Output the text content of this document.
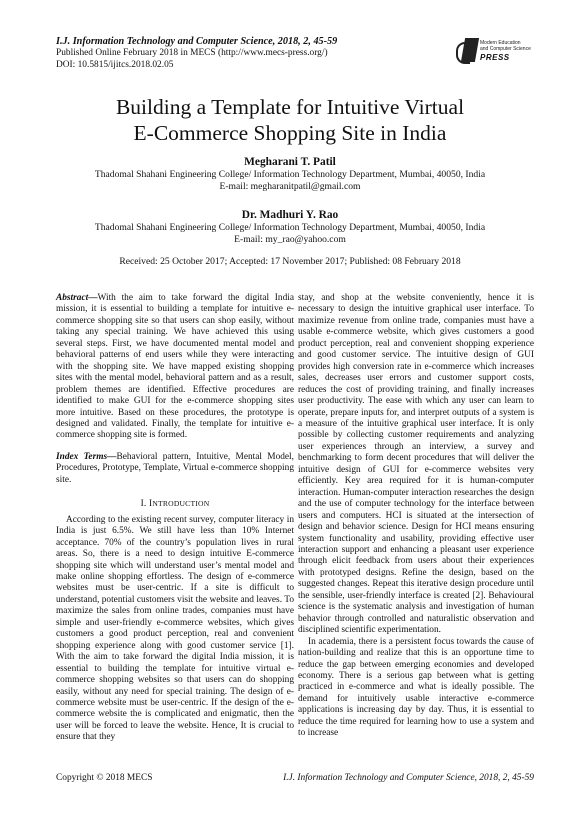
I.J. Information Technology and Computer Science, 2018, 2, 45-59
Published Online February 2018 in MECS (http://www.mecs-press.org/)
DOI: 10.5815/ijitcs.2018.02.05
Modern Education
and Computer Science
PRESS
Building a Template for Intuitive Virtual
E-Commerce Shopping Site in India
Megharani T. Patil
Thadomal Shahani Engineering College/ Information Technology Department, Mumbai, 40050, India
E-mail: megharanitpatil@gmail.com
Dr. Madhuri Y. Rao
Thadomal Shahani Engineering College/ Information Technology Department, Mumbai, 40050, India
E-mail: my_rao@yahoo.com
Received: 25 October 2017; Accepted: 17 November 2017; Published: 08 February 2018

Abstract—With the aim to take forward the digital India mission, it is essential to building a template for intuitive e-commerce shopping site so that users can shop easily, without taking any special training. We have achieved this using several steps. First, we have documented mental model and behavioral patterns of end users while they were interacting with the shopping site. We have mapped existing shopping sites with the mental model, behavioral pattern and as a result, problem themes are identified. Effective procedures are identified to make GUI for the e-commerce shopping sites more intuitive. Based on these procedures, the prototype is designed and validated. Finally, the template for intuitive e-commerce shopping site is formed.

Index Terms—Behavioral pattern, Intuitive, Mental Model, Procedures, Prototype, Template, Virtual e-commerce shopping site.

I. INTRODUCTION

According to the existing recent survey, computer literacy in India is just 6.5%. We still have less than 10% Internet acceptance. 70% of the country’s population lives in rural areas. So, there is a need to design intuitive E-commerce shopping site which will understand user’s mental model and make online shopping effortless. The design of e-commerce websites must be user-centric. If a site is difficult to understand, potential customers visit the website and leaves. To maximize the sales from online trades, companies must have simple and user-friendly e-commerce websites, which gives customers a good product perception, real and convenient shopping experience along with good customer service [1]. With the aim to take forward the digital India mission, it is essential to building the template for intuitive virtual e-commerce shopping websites so that users can do shopping easily, without any need for special training. The design of e-commerce website must be user-centric. If the design of the e-commerce website the is complicated and enigmatic, then the user will be forced to leave the website. Hence, It is crucial to ensure that they

stay, and shop at the website conveniently, hence it is necessary to design the intuitive graphical user interface. To maximize revenue from online trade, companies must have a usable e-commerce website, which gives customers a good product perception, real and convenient shopping experience and good customer service. The intuitive design of GUI provides high conversion rate in e-commerce which increases sales, decreases user errors and customer support costs, reduces the cost of providing training, and finally increases user productivity. The ease with which any user can learn to operate, prepare inputs for, and interpret outputs of a system is a measure of the intuitive graphical user interface. It is only possible by collecting customer requirements and analyzing user experiences through an interview, a survey and benchmarking to form decent procedures that will deliver the intuitive design of GUI for e-commerce websites very efficiently. Key area required for it is human-computer interaction. Human-computer interaction researches the design and the use of computer technology for the interface between users and computers. HCI is situated at the intersection of design and behavior science. Design for HCI means ensuring system functionality and usability, providing effective user interaction support and enhancing a pleasant user experience through elicit feedback from users about their experiences with prototyped designs. Refine the design, based on the suggested changes. Repeat this iterative design procedure until the sensible, user-friendly interface is created [2]. Behavioural science is the systematic analysis and investigation of human behavior through controlled and naturalistic observation and disciplined scientific experimentation.

In academia, there is a persistent focus towards the cause of nation-building and realize that this is an opportune time to reduce the gap between emerging economies and developed economy. There is a serious gap between what is getting practiced in e-commerce and what is ideally possible. The demand for intuitively usable interactive e-commerce applications is increasing day by day. Thus, it is essential to reduce the time required for learning how to use a system and to increase

Copyright © 2018 MECS	I.J. Information Technology and Computer Science, 2018, 2, 45-59
